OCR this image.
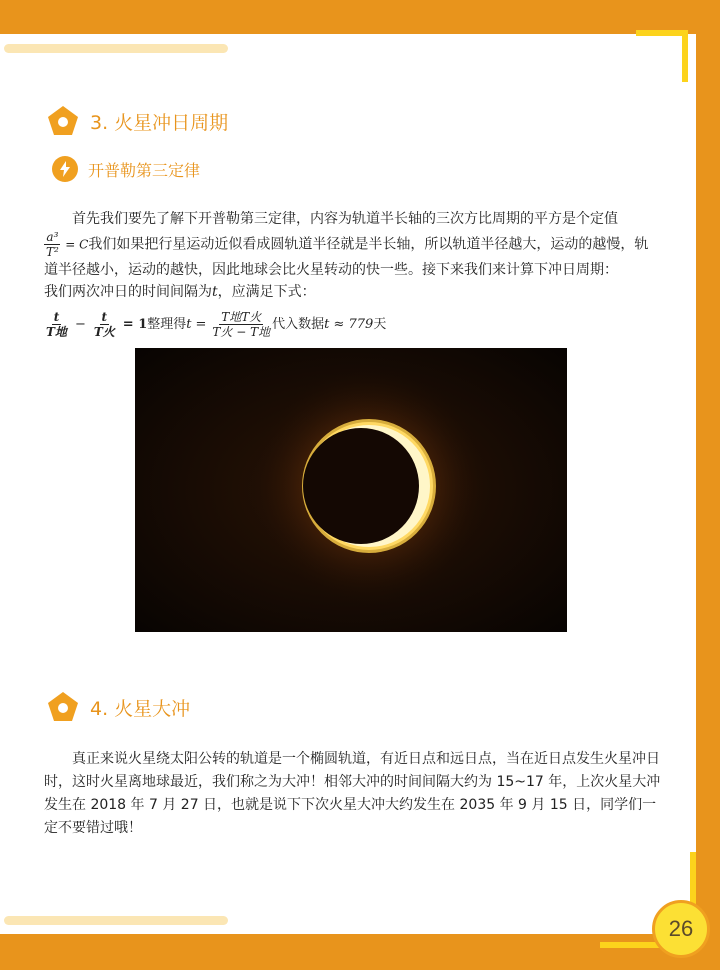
26
3. 火星冲日周期
开普勒第三定律
首先我们要先了解下开普勒第三定律，内容为轨道半长轴的三次方比周期的平方是个定值
$\frac{\text{a³}}{\text{T²}} = C$我们如果把行星运动近似看成圆轨道半径就是半长轴，所以轨道半径越大，运动的越慢，轨道半径越小，运动的越快，因此地球会比火星转动的快一些。接下来我们来计算下冲日周期：
我们两次冲日的时间间隔为t，应满足下式：
$\frac{t}{\text{T地}} - \frac{t}{\text{T火}} = 1$ 整理得 $t = \frac{\text{T地T火}}{\text{T火 − T地}}$ 代入数据 t ≈ 779 天
4. 火星大冲
真正来说火星绕太阳公转的轨道是一个椭圆轨道，有近日点和远日点，当在近日点发生火星冲日时，这时火星离地球最近，我们称之为大冲！相邻大冲的时间间隔大约为 15~17 年，上次火星大冲发生在 2018 年 7 月 27 日，也就是说下下次火星大冲大约发生在 2035 年 9 月 15 日，同学们一定不要错过哦！
